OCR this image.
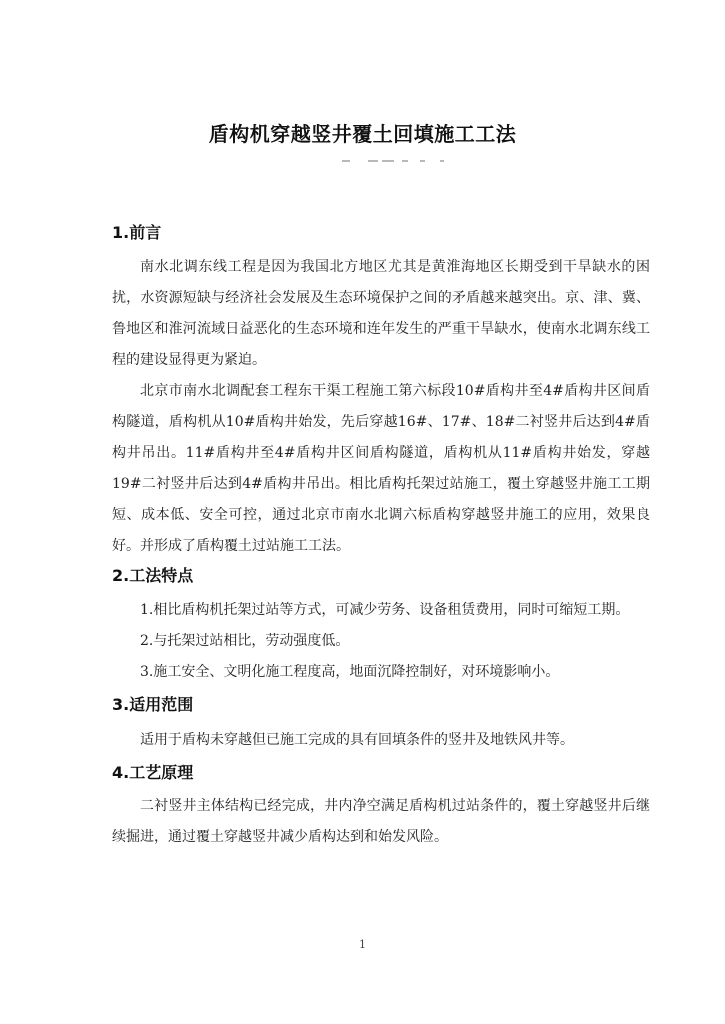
盾构机穿越竖井覆土回填施工工法
1.前言

南水北调东线工程是因为我国北方地区尤其是黄淮海地区长期受到干旱缺水的困扰，水资源短缺与经济社会发展及生态环境保护之间的矛盾越来越突出。京、津、冀、鲁地区和淮河流域日益恶化的生态环境和连年发生的严重干旱缺水，使南水北调东线工程的建设显得更为紧迫。

北京市南水北调配套工程东干渠工程施工第六标段10#盾构井至4#盾构井区间盾构隧道，盾构机从10#盾构井始发，先后穿越16#、17#、18#二衬竖井后达到4#盾构井吊出。11#盾构井至4#盾构井区间盾构隧道，盾构机从11#盾构井始发，穿越19#二衬竖井后达到4#盾构井吊出。相比盾构托架过站施工，覆土穿越竖井施工工期短、成本低、安全可控，通过北京市南水北调六标盾构穿越竖井施工的应用，效果良好。并形成了盾构覆土过站施工工法。

2.工法特点
1.相比盾构机托架过站等方式，可减少劳务、设备租赁费用，同时可缩短工期。
2.与托架过站相比，劳动强度低。
3.施工安全、文明化施工程度高，地面沉降控制好，对环境影响小。
3.适用范围

适用于盾构未穿越但已施工完成的具有回填条件的竖井及地铁风井等。

4.工艺原理

二衬竖井主体结构已经完成，井内净空满足盾构机过站条件的，覆土穿越竖井后继续掘进，通过覆土穿越竖井减少盾构达到和始发风险。

1
